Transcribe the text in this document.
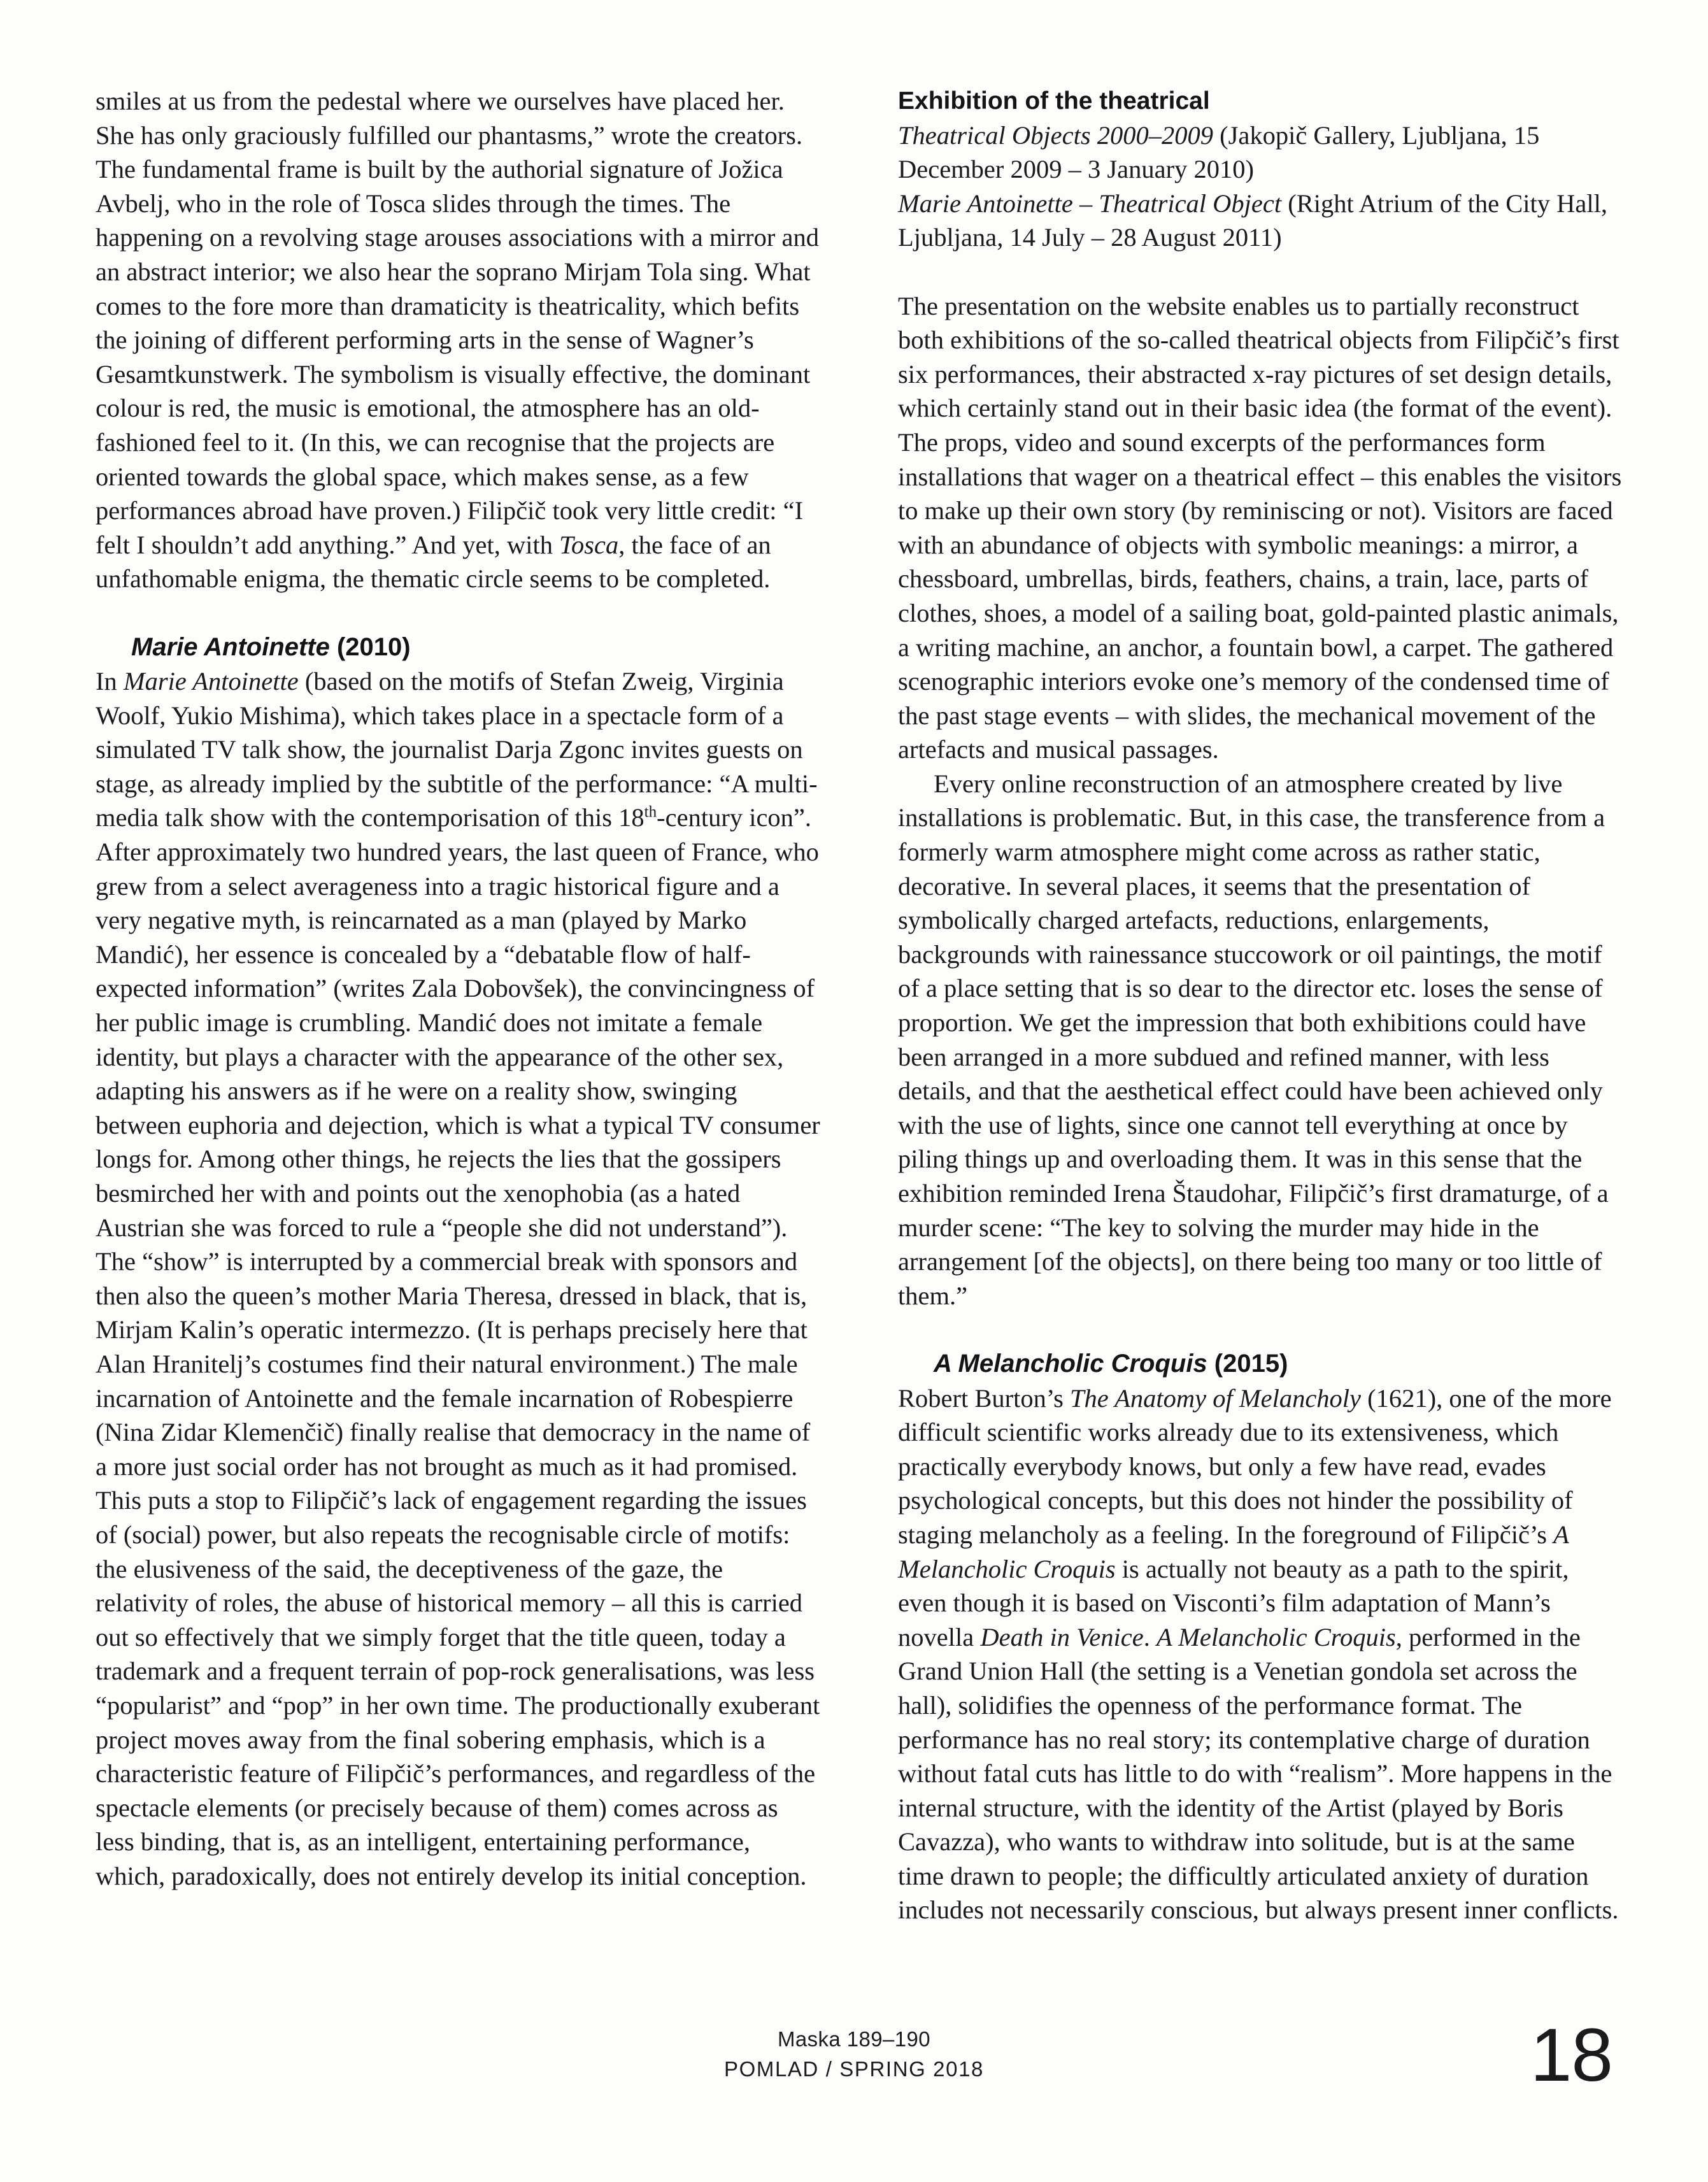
smiles at us from the pedestal where we ourselves have placed her. She has only graciously fulfilled our phantasms,” wrote the creators. The fundamental frame is built by the authorial signature of Jožica Avbelj, who in the role of Tosca slides through the times. The happening on a revolving stage arouses associations with a mirror and an abstract interior; we also hear the soprano Mirjam Tola sing. What comes to the fore more than dramaticity is theatricality, which befits the joining of different performing arts in the sense of Wagner’s Gesamtkunstwerk. The symbolism is visually effective, the dominant colour is red, the music is emotional, the atmosphere has an old-fashioned feel to it. (In this, we can recognise that the projects are oriented towards the global space, which makes sense, as a few performances abroad have proven.) Filipčič took very little credit: “I felt I shouldn’t add anything.” And yet, with Tosca, the face of an unfathomable enigma, the thematic circle seems to be completed.

Marie Antoinette (2010)

In Marie Antoinette (based on the motifs of Stefan Zweig, Virginia Woolf, Yukio Mishima), which takes place in a spectacle form of a simulated TV talk show, the journalist Darja Zgonc invites guests on stage, as already implied by the subtitle of the performance: “A multi-media talk show with the contemporisation of this 18th-century icon”. After approximately two hundred years, the last queen of France, who grew from a select averageness into a tragic historical figure and a very negative myth, is reincarnated as a man (played by Marko Mandić), her essence is concealed by a “debatable flow of half-expected information” (writes Zala Dobovšek), the convincingness of her public image is crumbling. Mandić does not imitate a female identity, but plays a character with the appearance of the other sex, adapting his answers as if he were on a reality show, swinging between euphoria and dejection, which is what a typical TV consumer longs for. Among other things, he rejects the lies that the gossipers besmirched her with and points out the xenophobia (as a hated Austrian she was forced to rule a “people she did not understand”). The “show” is interrupted by a commercial break with sponsors and then also the queen’s mother Maria Theresa, dressed in black, that is, Mirjam Kalin’s operatic intermezzo. (It is perhaps precisely here that Alan Hranitelj’s costumes find their natural environment.) The male incarnation of Antoinette and the female incarnation of Robespierre (Nina Zidar Klemenčič) finally realise that democracy in the name of a more just social order has not brought as much as it had promised. This puts a stop to Filipčič’s lack of engagement regarding the issues of (social) power, but also repeats the recognisable circle of motifs: the elusiveness of the said, the deceptiveness of the gaze, the relativity of roles, the abuse of historical memory – all this is carried out so effectively that we simply forget that the title queen, today a trademark and a frequent terrain of pop-rock generalisations, was less “popularist” and “pop” in her own time. The productionally exuberant project moves away from the final sobering emphasis, which is a characteristic feature of Filipčič’s performances, and regardless of the spectacle elements (or precisely because of them) comes across as less binding, that is, as an intelligent, entertaining performance, which, paradoxically, does not entirely develop its initial conception.

Exhibition of the theatrical

Theatrical Objects 2000–2009 (Jakopič Gallery, Ljubljana, 15 December 2009 – 3 January 2010)

Marie Antoinette – Theatrical Object (Right Atrium of the City Hall, Ljubljana, 14 July – 28 August 2011)

The presentation on the website enables us to partially reconstruct both exhibitions of the so-called theatrical objects from Filipčič’s first six performances, their abstracted x-ray pictures of set design details, which certainly stand out in their basic idea (the format of the event). The props, video and sound excerpts of the performances form installations that wager on a theatrical effect – this enables the visitors to make up their own story (by reminiscing or not). Visitors are faced with an abundance of objects with symbolic meanings: a mirror, a chessboard, umbrellas, birds, feathers, chains, a train, lace, parts of clothes, shoes, a model of a sailing boat, gold-painted plastic animals, a writing machine, an anchor, a fountain bowl, a carpet. The gathered scenographic interiors evoke one’s memory of the condensed time of the past stage events – with slides, the mechanical movement of the artefacts and musical passages.

Every online reconstruction of an atmosphere created by live installations is problematic. But, in this case, the transference from a formerly warm atmosphere might come across as rather static, decorative. In several places, it seems that the presentation of symbolically charged artefacts, reductions, enlargements, backgrounds with rainessance stuccowork or oil paintings, the motif of a place setting that is so dear to the director etc. loses the sense of proportion. We get the impression that both exhibitions could have been arranged in a more subdued and refined manner, with less details, and that the aesthetical effect could have been achieved only with the use of lights, since one cannot tell everything at once by piling things up and overloading them. It was in this sense that the exhibition reminded Irena Štaudohar, Filipčič’s first dramaturge, of a murder scene: “The key to solving the murder may hide in the arrangement [of the objects], on there being too many or too little of them.”

A Melancholic Croquis (2015)

Robert Burton’s The Anatomy of Melancholy (1621), one of the more difficult scientific works already due to its extensiveness, which practically everybody knows, but only a few have read, evades psychological concepts, but this does not hinder the possibility of staging melancholy as a feeling. In the foreground of Filipčič’s A Melancholic Croquis is actually not beauty as a path to the spirit, even though it is based on Visconti’s film adaptation of Mann’s novella Death in Venice. A Melancholic Croquis, performed in the Grand Union Hall (the setting is a Venetian gondola set across the hall), solidifies the openness of the performance format. The performance has no real story; its contemplative charge of duration without fatal cuts has little to do with “realism”. More happens in the internal structure, with the identity of the Artist (played by Boris Cavazza), who wants to withdraw into solitude, but is at the same time drawn to people; the difficultly articulated anxiety of duration includes not necessarily conscious, but always present inner conflicts.

Maska 189–190
POMLAD / SPRING 2018	18
